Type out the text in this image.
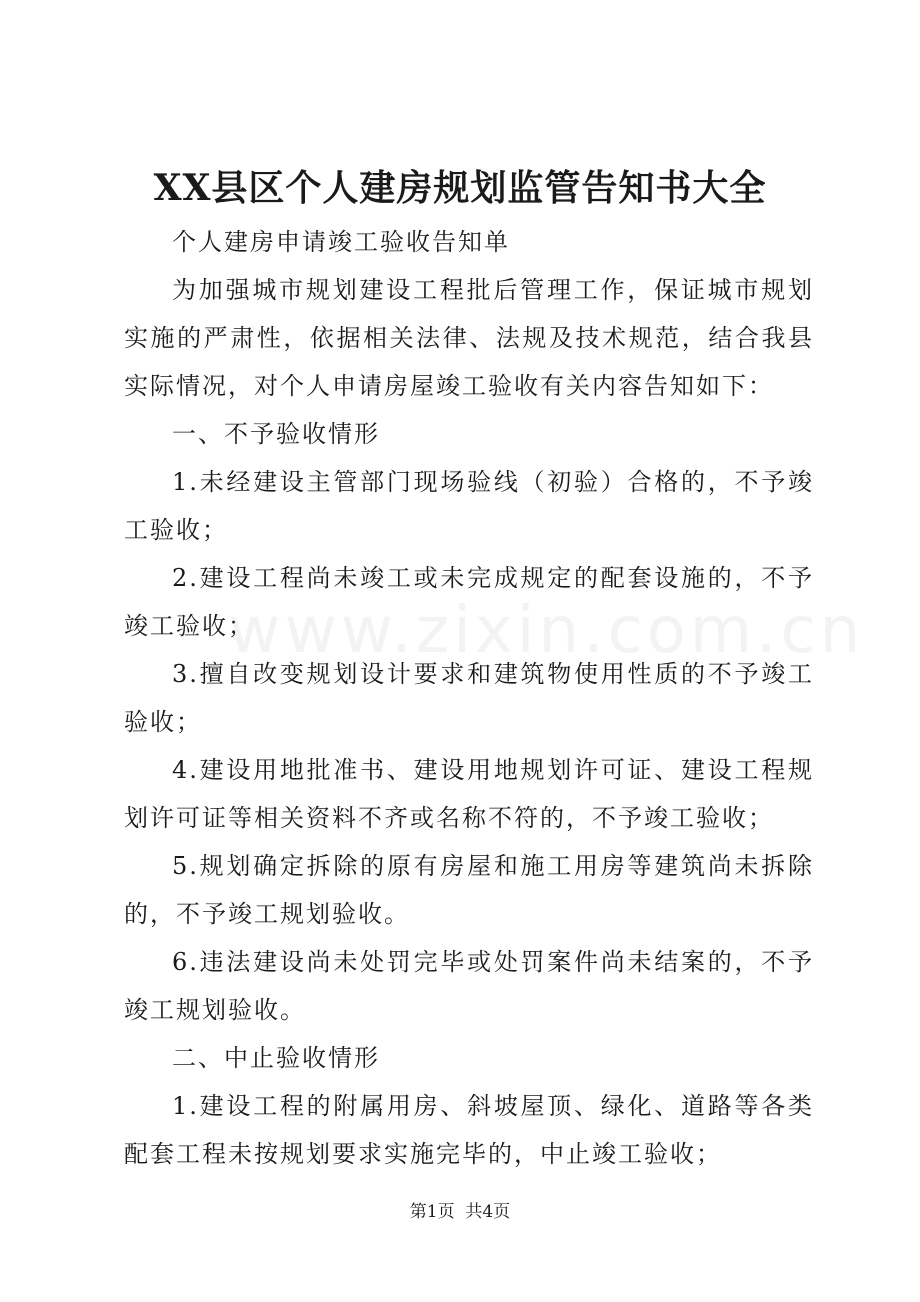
XX县区个人建房规划监管告知书大全

个人建房申请竣工验收告知单

为加强城市规划建设工程批后管理工作，保证城市规划实施的严肃性，依据相关法律、法规及技术规范，结合我县实际情况，对个人申请房屋竣工验收有关内容告知如下：

一、不予验收情形

1.未经建设主管部门现场验线（初验）合格的，不予竣工验收；

2.建设工程尚未竣工或未完成规定的配套设施的，不予竣工验收；

3.擅自改变规划设计要求和建筑物使用性质的不予竣工验收；

4.建设用地批准书、建设用地规划许可证、建设工程规划许可证等相关资料不齐或名称不符的，不予竣工验收；

5.规划确定拆除的原有房屋和施工用房等建筑尚未拆除的，不予竣工规划验收。

6.违法建设尚未处罚完毕或处罚案件尚未结案的，不予竣工规划验收。

二、中止验收情形

1.建设工程的附属用房、斜坡屋顶、绿化、道路等各类配套工程未按规划要求实施完毕的，中止竣工验收；

www.zixin.com.cn
第1页 共4页
